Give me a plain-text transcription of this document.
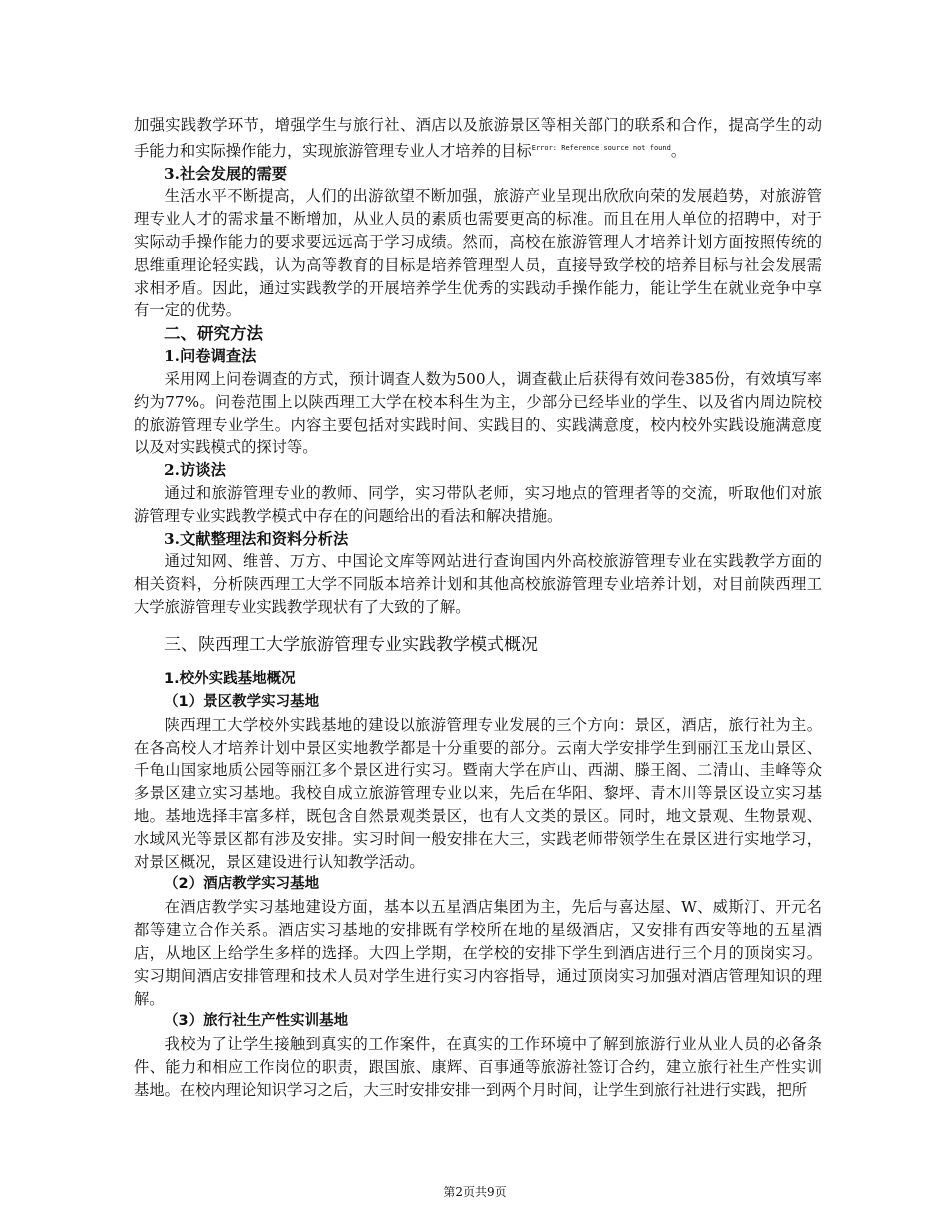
加强实践教学环节，增强学生与旅行社、酒店以及旅游景区等相关部门的联系和合作，提高学生的动手能力和实际操作能力，实现旅游管理专业人才培养的目标$^{Error: Reference source not found}$。

3.社会发展的需要

生活水平不断提高，人们的出游欲望不断加强，旅游产业呈现出欣欣向荣的发展趋势，对旅游管理专业人才的需求量不断增加，从业人员的素质也需要更高的标准。而且在用人单位的招聘中，对于实际动手操作能力的要求要远远高于学习成绩。然而，高校在旅游管理人才培养计划方面按照传统的思维重理论轻实践，认为高等教育的目标是培养管理型人员，直接导致学校的培养目标与社会发展需求相矛盾。因此，通过实践教学的开展培养学生优秀的实践动手操作能力，能让学生在就业竞争中享有一定的优势。

二、研究方法
1.问卷调查法

采用网上问卷调查的方式，预计调查人数为500人，调查截止后获得有效问卷385份，有效填写率约为77%。问卷范围上以陕西理工大学在校本科生为主，少部分已经毕业的学生、以及省内周边院校的旅游管理专业学生。内容主要包括对实践时间、实践目的、实践满意度，校内校外实践设施满意度以及对实践模式的探讨等。

2.访谈法

通过和旅游管理专业的教师、同学，实习带队老师，实习地点的管理者等的交流，听取他们对旅游管理专业实践教学模式中存在的问题给出的看法和解决措施。

3.文献整理法和资料分析法

通过知网、维普、万方、中国论文库等网站进行查询国内外高校旅游管理专业在实践教学方面的相关资料，分析陕西理工大学不同版本培养计划和其他高校旅游管理专业培养计划，对目前陕西理工大学旅游管理专业实践教学现状有了大致的了解。

三、陕西理工大学旅游管理专业实践教学模式概况
1.校外实践基地概况
（1）景区教学实习基地

陕西理工大学校外实践基地的建设以旅游管理专业发展的三个方向：景区，酒店，旅行社为主。在各高校人才培养计划中景区实地教学都是十分重要的部分。云南大学安排学生到丽江玉龙山景区、千龟山国家地质公园等丽江多个景区进行实习。暨南大学在庐山、西湖、滕王阁、二清山、圭峰等众多景区建立实习基地。我校自成立旅游管理专业以来，先后在华阳、黎坪、青木川等景区设立实习基地。基地选择丰富多样，既包含自然景观类景区，也有人文类的景区。同时，地文景观、生物景观、水域风光等景区都有涉及安排。实习时间一般安排在大三，实践老师带领学生在景区进行实地学习，对景区概况，景区建设进行认知教学活动。

（2）酒店教学实习基地

在酒店教学实习基地建设方面，基本以五星酒店集团为主，先后与喜达屋、W、威斯汀、开元名都等建立合作关系。酒店实习基地的安排既有学校所在地的星级酒店，又安排有西安等地的五星酒店，从地区上给学生多样的选择。大四上学期，在学校的安排下学生到酒店进行三个月的顶岗实习。实习期间酒店安排管理和技术人员对学生进行实习内容指导，通过顶岗实习加强对酒店管理知识的理解。

（3）旅行社生产性实训基地

我校为了让学生接触到真实的工作案件，在真实的工作环境中了解到旅游行业从业人员的必备条件、能力和相应工作岗位的职责，跟国旅、康辉、百事通等旅游社签订合约，建立旅行社生产性实训基地。在校内理论知识学习之后，大三时安排安排一到两个月时间，让学生到旅行社进行实践，把所

第2页共9页
